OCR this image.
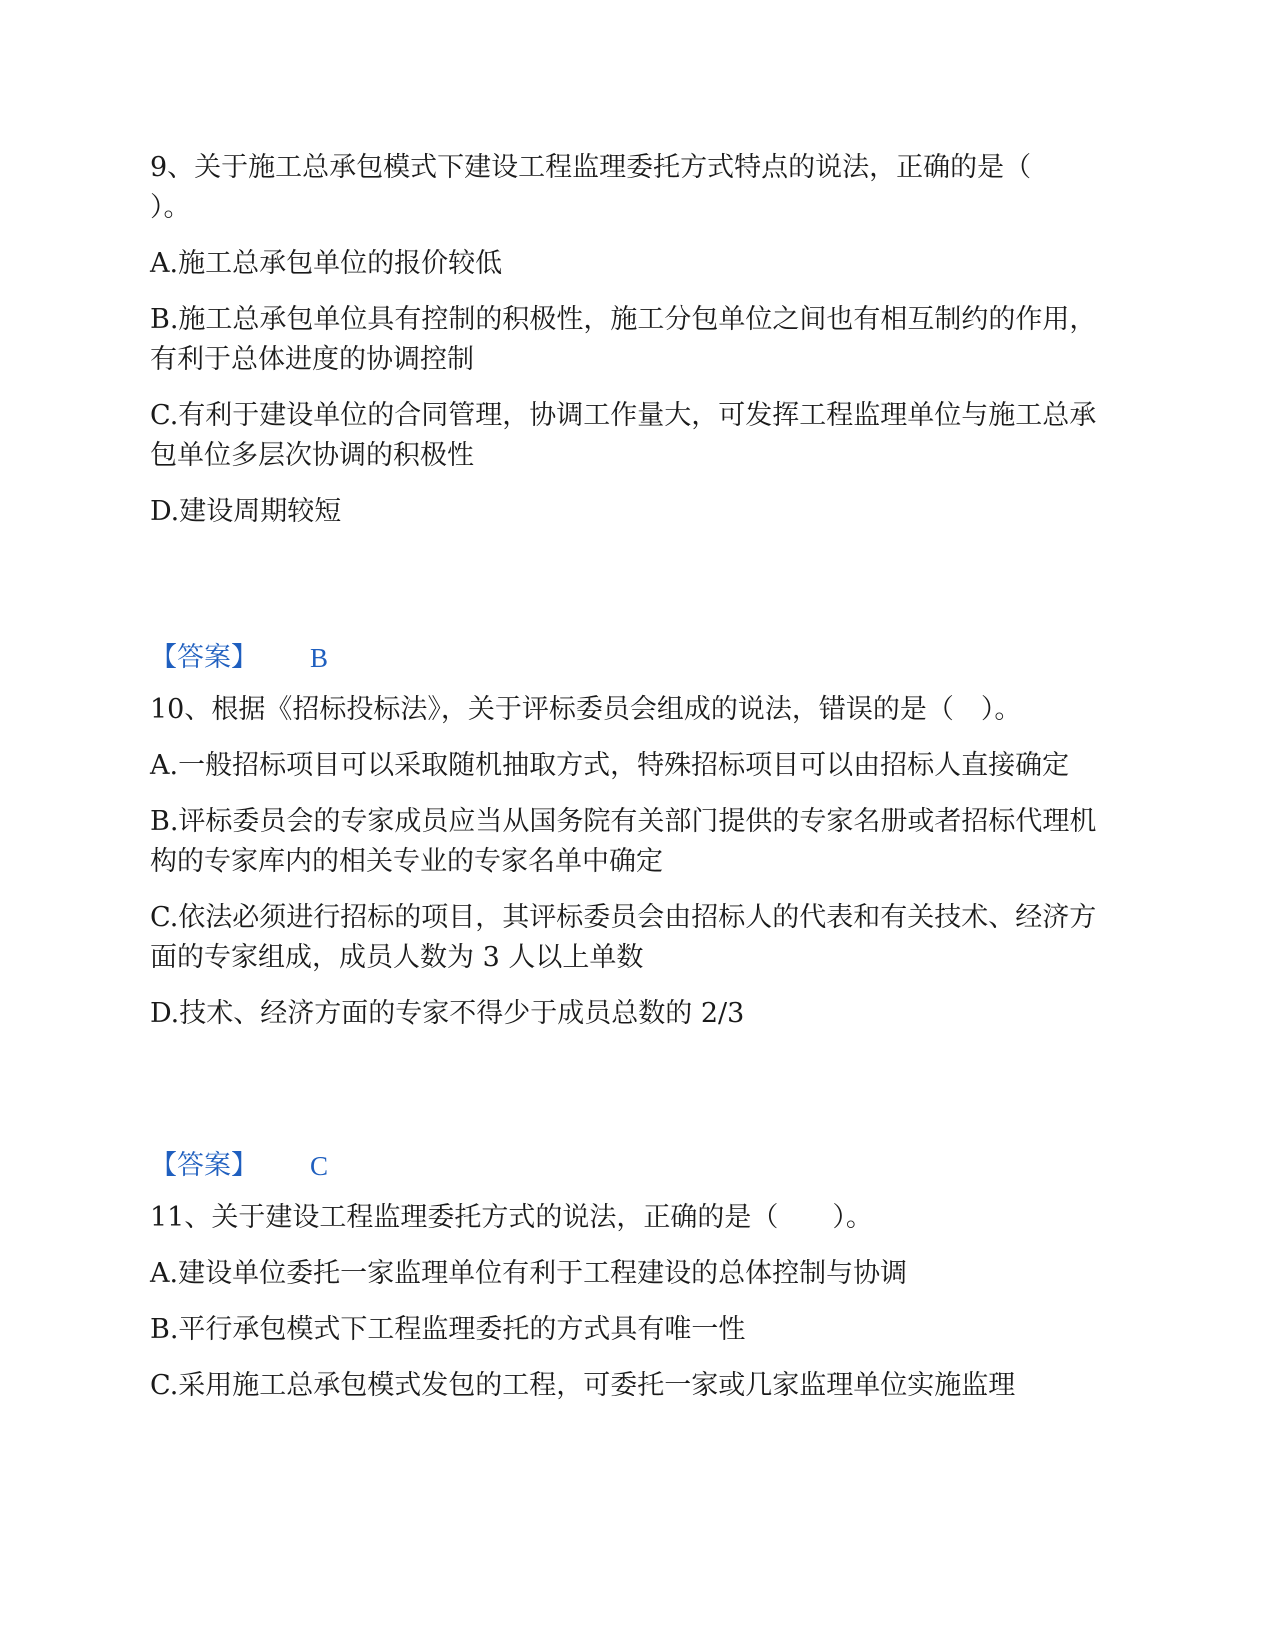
9、关于施工总承包模式下建设工程监理委托方式特点的说法，正确的是（　　）。

A.施工总承包单位的报价较低

B.施工总承包单位具有控制的积极性，施工分包单位之间也有相互制约的作用，有利于总体进度的协调控制

C.有利于建设单位的合同管理，协调工作量大，可发挥工程监理单位与施工总承包单位多层次协调的积极性

D.建设周期较短

【答案】 B

10、根据《招标投标法》，关于评标委员会组成的说法，错误的是（　）。

A.一般招标项目可以采取随机抽取方式，特殊招标项目可以由招标人直接确定

B.评标委员会的专家成员应当从国务院有关部门提供的专家名册或者招标代理机构的专家库内的相关专业的专家名单中确定

C.依法必须进行招标的项目，其评标委员会由招标人的代表和有关技术、经济方面的专家组成，成员人数为 3 人以上单数

D.技术、经济方面的专家不得少于成员总数的 2/3

【答案】 C

11、关于建设工程监理委托方式的说法，正确的是（　　）。

A.建设单位委托一家监理单位有利于工程建设的总体控制与协调

B.平行承包模式下工程监理委托的方式具有唯一性

C.采用施工总承包模式发包的工程，可委托一家或几家监理单位实施监理
